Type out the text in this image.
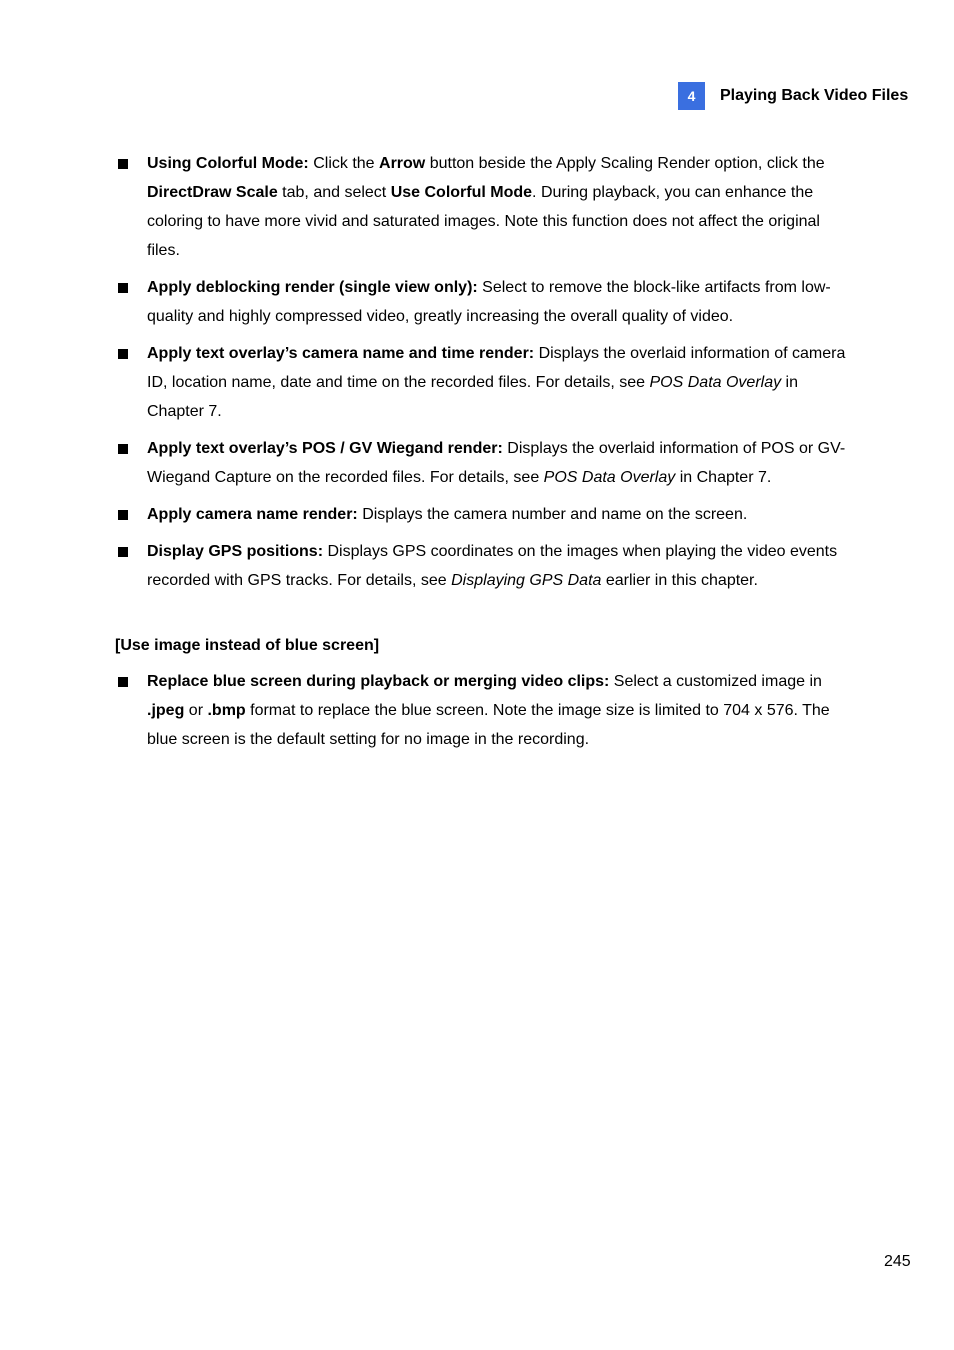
4	Playing Back Video Files
Using Colorful Mode: Click the Arrow button beside the Apply Scaling Render option, click the DirectDraw Scale tab, and select Use Colorful Mode. During playback, you can enhance the coloring to have more vivid and saturated images. Note this function does not affect the original files.
Apply deblocking render (single view only): Select to remove the block-like artifacts from low-quality and highly compressed video, greatly increasing the overall quality of video.
Apply text overlay’s camera name and time render: Displays the overlaid information of camera ID, location name, date and time on the recorded files. For details, see POS Data Overlay in Chapter 7.
Apply text overlay’s POS / GV Wiegand render: Displays the overlaid information of POS or GV-Wiegand Capture on the recorded files. For details, see POS Data Overlay in Chapter 7.
Apply camera name render: Displays the camera number and name on the screen.
Display GPS positions: Displays GPS coordinates on the images when playing the video events recorded with GPS tracks. For details, see Displaying GPS Data earlier in this chapter.
[Use image instead of blue screen]
Replace blue screen during playback or merging video clips: Select a customized image in .jpeg or .bmp format to replace the blue screen. Note the image size is limited to 704 x 576. The blue screen is the default setting for no image in the recording.
245
